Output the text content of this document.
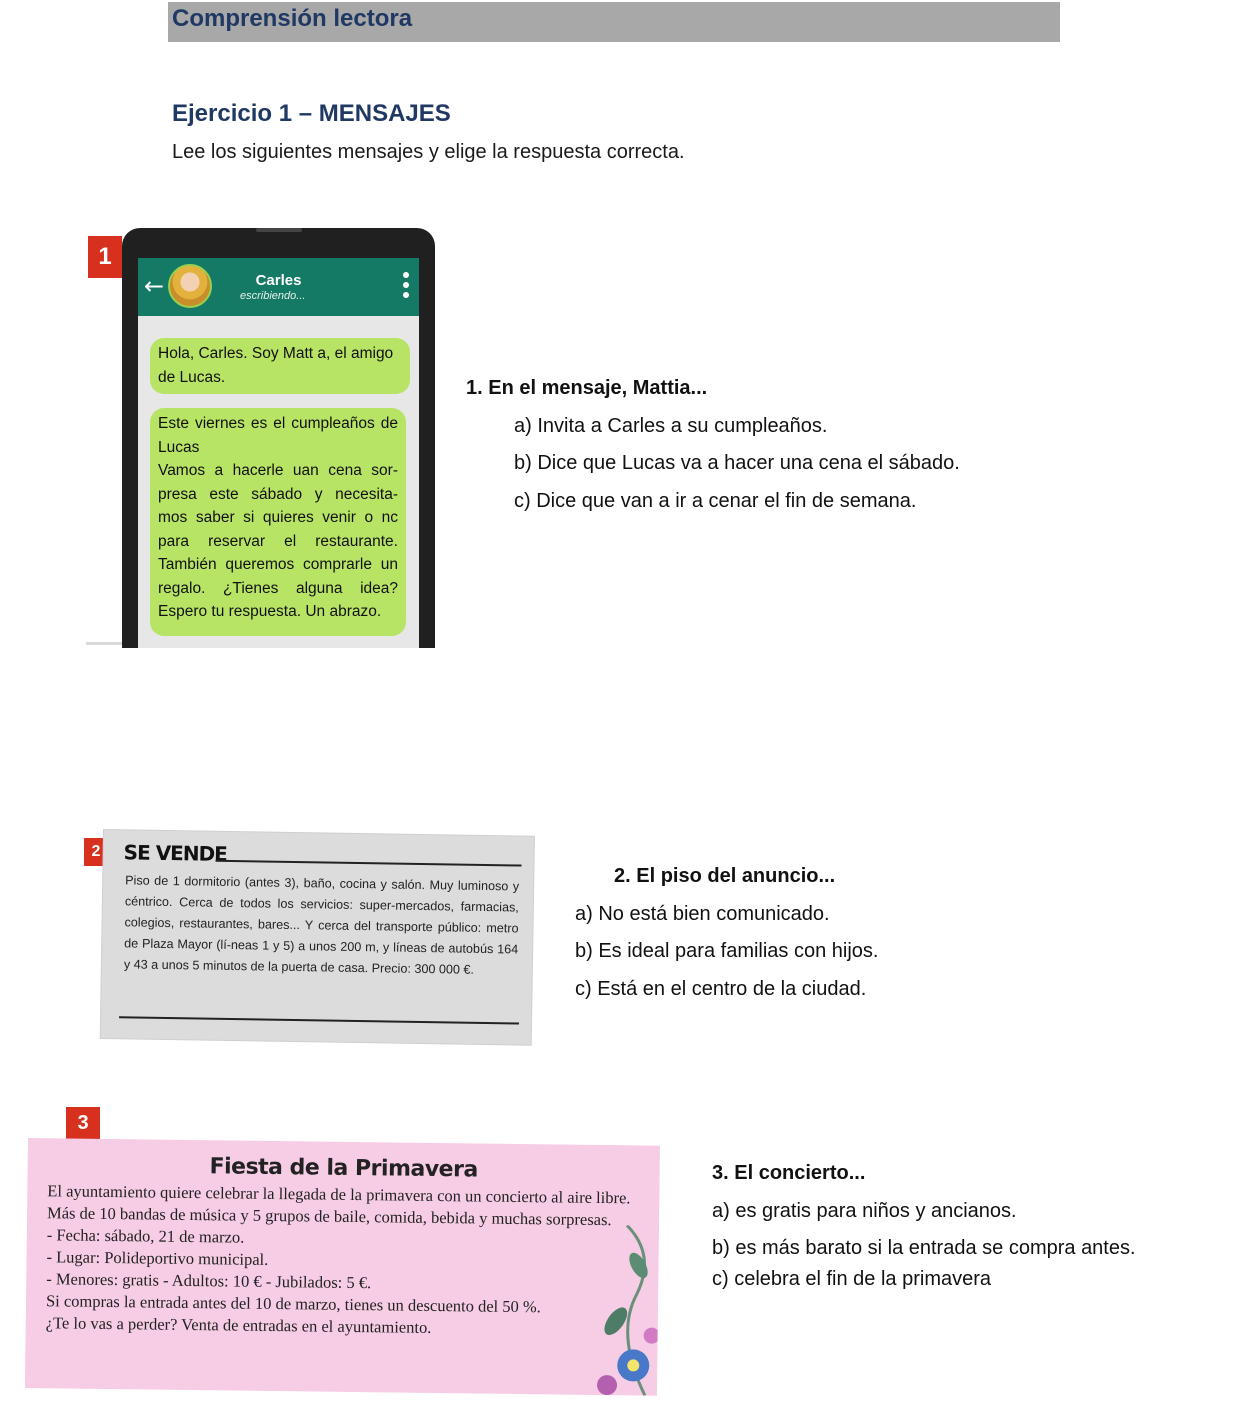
Comprensión lectora
Ejercicio 1 – MENSAJES
Lee los siguientes mensajes y elige la respuesta correcta.
1
←	Carles
escribiendo...
Hola, Carles. Soy Matt a, el amigo de Lucas.
Este viernes es el cumpleaños de Lucas
Vamos a hacerle uan cena sor- presa este sábado y necesita- mos saber si quieres venir o nc para reservar el restaurante. También queremos comprarle un regalo. ¿Tienes alguna idea? Espero tu respuesta. Un abrazo.
1. En el mensaje, Mattia...
a) Invita a Carles a su cumpleaños.
b) Dice que Lucas va a hacer una cena el sábado.
c) Dice que van a ir a cenar el fin de semana.
2	SE VENDE
Piso de 1 dormitorio (antes 3), baño, cocina y salón. Muy luminoso y céntrico. Cerca de todos los servicios: super-mercados, farmacias, colegios, restaurantes, bares... Y cerca del transporte público: metro de Plaza Mayor (lí-neas 1 y 5) a unos 200 m, y líneas de autobús 164 y 43 a unos 5 minutos de la puerta de casa. Precio: 300 000 €.
2. El piso del anuncio...
a) No está bien comunicado.
b) Es ideal para familias con hijos.
c) Está en el centro de la ciudad.
3
Fiesta de la Primavera

El ayuntamiento quiere celebrar la llegada de la primavera con un concierto al aire libre. Más de 10 bandas de música y 5 grupos de baile, comida, bebida y muchas sorpresas.

- Fecha: sábado, 21 de marzo.

- Lugar: Polideportivo municipal.

- Menores: gratis - Adultos: 10 € - Jubilados: 5 €.

Si compras la entrada antes del 10 de marzo, tienes un descuento del 50 %. ¿Te lo vas a perder? Venta de entradas en el ayuntamiento.

3. El concierto...
a) es gratis para niños y ancianos.
b) es más barato si la entrada se compra antes.
c) celebra el fin de la primavera
